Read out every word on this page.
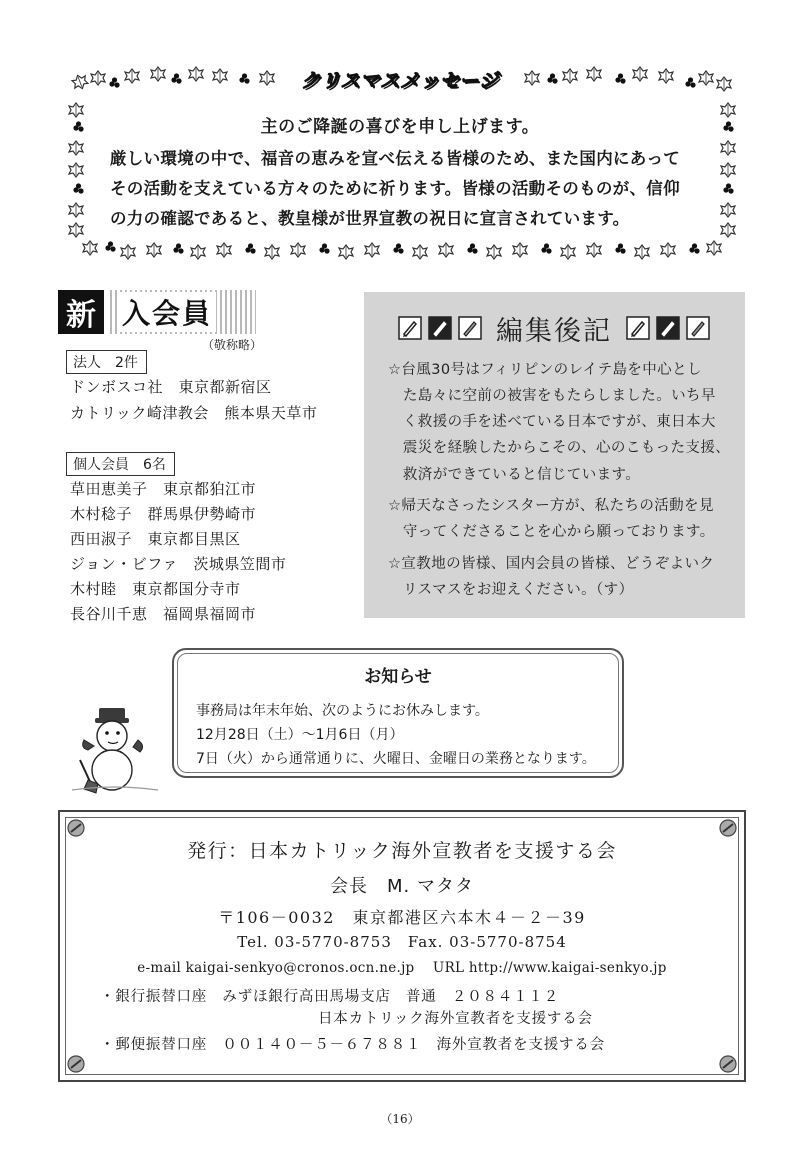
クリスマスメッセージ
主のご降誕の喜びを申し上げます。
厳しい環境の中で、福音の恵みを宣べ伝える皆様のため、また国内にあって
その活動を支えている方々のために祈ります。皆様の活動そのものが、信仰
の力の確認であると、教皇様が世界宣教の祝日に宣言されています。
新 入会員
（敬称略）
法人　2件
ドンボスコ社　東京都新宿区
カトリック崎津教会　熊本県天草市
個人会員　6名
草田恵美子　東京都狛江市
木村稔子　群馬県伊勢崎市
西田淑子　東京都目黒区
ジョン・ビファ　茨城県笠間市
木村睦　東京都国分寺市
長谷川千恵　福岡県福岡市
編集後記
☆台風30号はフィリピンのレイテ島を中心とし
　た島々に空前の被害をもたらしました。いち早
　く救援の手を述べている日本ですが、東日本大
　震災を経験したからこその、心のこもった支援、
　救済ができていると信じています。
☆帰天なさったシスター方が、私たちの活動を見
　守ってくださることを心から願っております。
☆宣教地の皆様、国内会員の皆様、どうぞよいク
　リスマスをお迎えください。（す）
お知らせ
事務局は年末年始、次のようにお休みします。
12月28日（土）～1月6日（月）
7日（火）から通常通りに、火曜日、金曜日の業務となります。
発行：日本カトリック海外宣教者を支援する会
会長　M. マタタ
〒106－0032　東京都港区六本木４－２－39
Tel. 03-5770-8753　Fax. 03-5770-8754
e-mail kaigai-senkyo@cronos.ocn.ne.jp　 URL http://www.kaigai-senkyo.jp
・銀行振替口座　みずほ銀行高田馬場支店　普通　２０８４１１２
日本カトリック海外宣教者を支援する会
・郵便振替口座　００１４０－５－６７８８１　海外宣教者を支援する会
（16）
